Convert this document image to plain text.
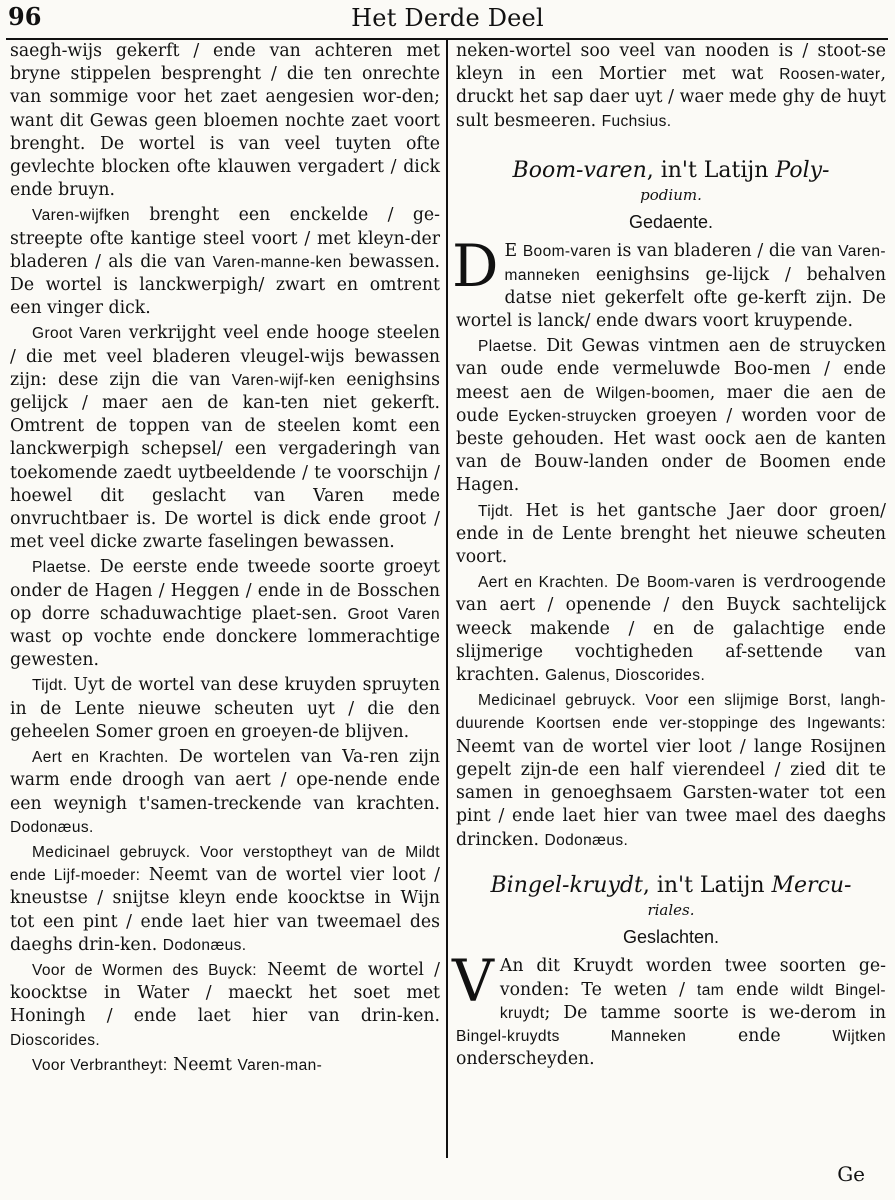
96	Het Derde Deel

saegh-wijs gekerft / ende van achteren met bryne stippelen besprenght / die ten onrechte van sommige voor het zaet aengesien wor-den; want dit Gewas geen bloemen nochte zaet voort brenght. De wortel is van veel tuyten ofte gevlechte blocken ofte klauwen vergadert / dick ende bruyn.

Varen-wijfken brenght een enckelde / ge-streepte ofte kantige steel voort / met kleyn-der bladeren / als die van Varen-manne-ken bewassen. De wortel is lanckwerpigh/ zwart en omtrent een vinger dick.

Groot Varen verkrijght veel ende hooge steelen / die met veel bladeren vleugel-wijs bewassen zijn: dese zijn die van Varen-wijf-ken eenighsins gelijck / maer aen de kan-ten niet gekerft. Omtrent de toppen van de steelen komt een lanckwerpigh schepsel/ een vergaderingh van toekomende zaedt uytbeeldende / te voorschijn / hoewel dit geslacht van Varen mede onvruchtbaer is. De wortel is dick ende groot / met veel dicke zwarte faselingen bewassen.

Plaetse. De eerste ende tweede soorte groeyt onder de Hagen / Heggen / ende in de Bosschen op dorre schaduwachtige plaet-sen. Groot Varen wast op vochte ende donckere lommerachtige gewesten.

Tijdt. Uyt de wortel van dese kruyden spruyten in de Lente nieuwe scheuten uyt / die den geheelen Somer groen en groeyen-de blijven.

Aert en Krachten. De wortelen van Va-ren zijn warm ende droogh van aert / ope-nende ende een weynigh t'samen-treckende van krachten. Dodonæus.

Medicinael gebruyck. Voor verstoptheyt van de Mildt ende Lijf-moeder: Neemt van de wortel vier loot / kneustse / snijtse kleyn ende koocktse in Wijn tot een pint / ende laet hier van tweemael des daeghs drin-ken. Dodonæus.

Voor de Wormen des Buyck: Neemt de wortel / koocktse in Water / maeckt het soet met Honingh / ende laet hier van drin-ken. Dioscorides.

Voor Verbrantheyt: Neemt Varen-man-

neken-wortel soo veel van nooden is / stoot-se kleyn in een Mortier met wat Roosen-water, druckt het sap daer uyt / waer mede ghy de huyt sult besmeeren. Fuchsius.

Boom-varen, in't Latijn Poly-

podium.

Gedaente.

D E Boom-varen is van bladeren / die van Varen-manneken eenighsins ge-lijck / behalven datse niet gekerfelt ofte ge-kerft zijn. De wortel is lanck/ ende dwars voort kruypende.

Plaetse. Dit Gewas vintmen aen de struycken van oude ende vermeluwde Boo-men / ende meest aen de Wilgen-boomen, maer die aen de oude Eycken-struycken groeyen / worden voor de beste gehouden. Het wast oock aen de kanten van de Bouw-landen onder de Boomen ende Hagen.

Tijdt. Het is het gantsche Jaer door groen/ ende in de Lente brenght het nieuwe scheuten voort.

Aert en Krachten. De Boom-varen is verdroogende van aert / openende / den Buyck sachtelijck weeck makende / en de galachtige ende slijmerige vochtigheden af-settende van krachten. Galenus, Dioscorides.

Medicinael gebruyck. Voor een slijmige Borst, langh-duurende Koortsen ende ver-stoppinge des Ingewants: Neemt van de wortel vier loot / lange Rosijnen gepelt zijn-de een half vierendeel / zied dit te samen in genoeghsaem Garsten-water tot een pint / ende laet hier van twee mael des daeghs drincken. Dodonæus.

Bingel-kruydt, in't Latijn Mercu-

riales.

Geslachten.

V An dit Kruydt worden twee soorten ge-vonden: Te weten / tam ende wildt Bingel-kruydt; De tamme soorte is we-derom in Bingel-kruydts Manneken ende Wijtken onderscheyden.

Ge
